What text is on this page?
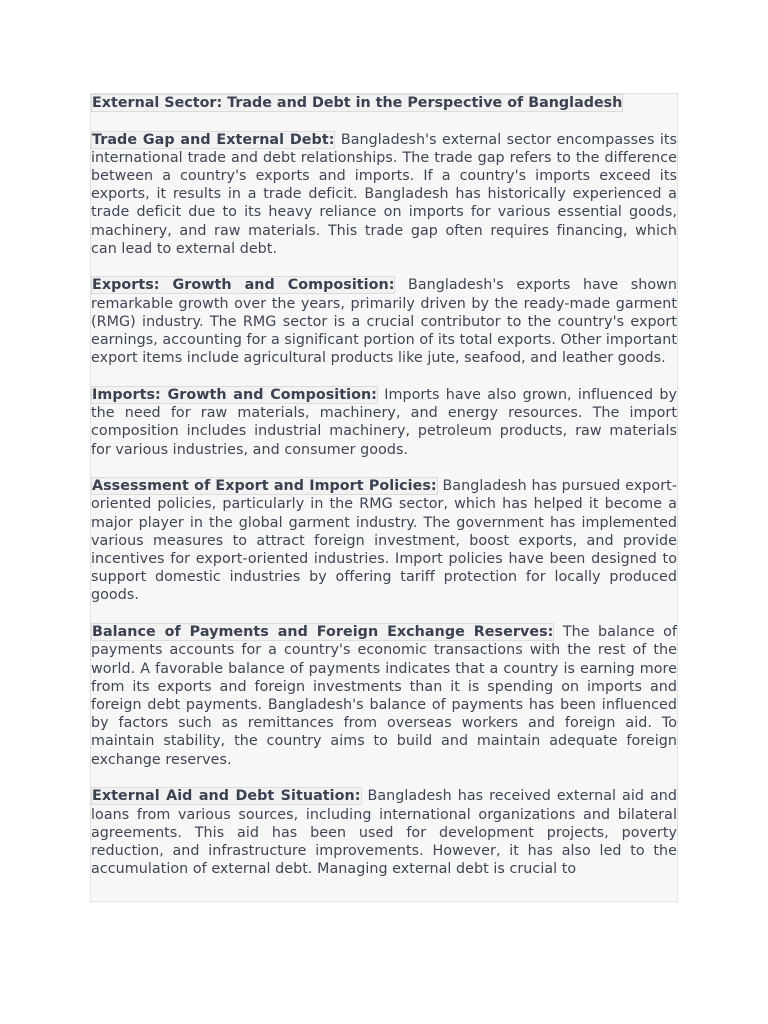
External Sector: Trade and Debt in the Perspective of Bangladesh

Trade Gap and External Debt: Bangladesh's external sector encompasses its international trade and debt relationships. The trade gap refers to the difference between a country's exports and imports. If a country's imports exceed its exports, it results in a trade deficit. Bangladesh has historically experienced a trade deficit due to its heavy reliance on imports for various essential goods, machinery, and raw materials. This trade gap often requires financing, which can lead to external debt.

Exports: Growth and Composition: Bangladesh's exports have shown remarkable growth over the years, primarily driven by the ready-made garment (RMG) industry. The RMG sector is a crucial contributor to the country's export earnings, accounting for a significant portion of its total exports. Other important export items include agricultural products like jute, seafood, and leather goods.

Imports: Growth and Composition: Imports have also grown, influenced by the need for raw materials, machinery, and energy resources. The import composition includes industrial machinery, petroleum products, raw materials for various industries, and consumer goods.

Assessment of Export and Import Policies: Bangladesh has pursued export-oriented policies, particularly in the RMG sector, which has helped it become a major player in the global garment industry. The government has implemented various measures to attract foreign investment, boost exports, and provide incentives for export-oriented industries. Import policies have been designed to support domestic industries by offering tariff protection for locally produced goods.

Balance of Payments and Foreign Exchange Reserves: The balance of payments accounts for a country's economic transactions with the rest of the world. A favorable balance of payments indicates that a country is earning more from its exports and foreign investments than it is spending on imports and foreign debt payments. Bangladesh's balance of payments has been influenced by factors such as remittances from overseas workers and foreign aid. To maintain stability, the country aims to build and maintain adequate foreign exchange reserves.

External Aid and Debt Situation: Bangladesh has received external aid and loans from various sources, including international organizations and bilateral agreements. This aid has been used for development projects, poverty reduction, and infrastructure improvements. However, it has also led to the accumulation of external debt. Managing external debt is crucial to
